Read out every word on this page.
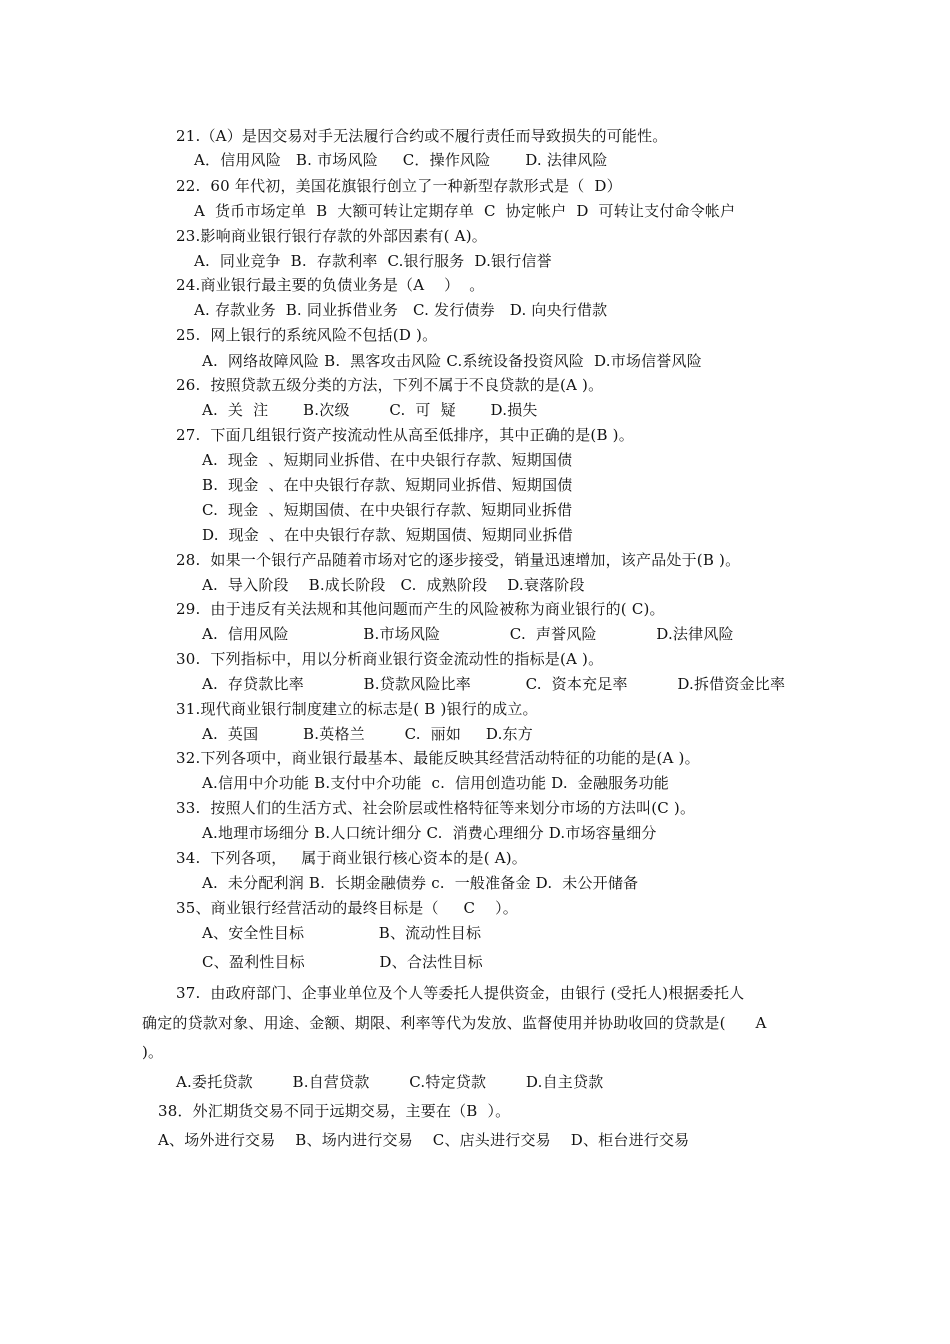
21.（A）是因交易对手无法履行合约或不履行责任而导致损失的可能性。
A．信用风险   B. 市场风险     C．操作风险       D. 法律风险
22.  60 年代初，美国花旗银行创立了一种新型存款形式是（  D）
A  货币市场定单  B  大额可转让定期存单  C  协定帐户  D  可转让支付命令帐户
23.影响商业银行银行存款的外部因素有( A)。
A.  同业竞争  B.  存款利率  C.银行服务  D.银行信誉
24.商业银行最主要的负债业务是（A    ）  。
A. 存款业务  B. 同业拆借业务   C. 发行债券   D. 向央行借款
25.  网上银行的系统风险不包括(D )。
A.  网络故障风险 B.  黑客攻击风险 C.系统设备投资风险  D.市场信誉风险
26.  按照贷款五级分类的方法，下列不属于不良贷款的是(A )。
A.  关  注       B.次级        C.  可  疑       D.损失
27.  下面几组银行资产按流动性从高至低排序，其中正确的是(B )。
A.  现金  、短期同业拆借、在中央银行存款、短期国债
B.  现金  、在中央银行存款、短期同业拆借、短期国债
C.  现金  、短期国债、在中央银行存款、短期同业拆借
D.  现金  、在中央银行存款、短期国债、短期同业拆借
28.  如果一个银行产品随着市场对它的逐步接受，销量迅速增加，该产品处于(B )。
A.  导入阶段    B.成长阶段   C.  成熟阶段    D.衰落阶段
29.  由于违反有关法规和其他问题而产生的风险被称为商业银行的( C)。
A.  信用风险               B.市场风险              C.  声誉风险            D.法律风险
30.  下列指标中，用以分析商业银行资金流动性的指标是(A )。
A.  存贷款比率            B.贷款风险比率           C.  资本充足率          D.拆借资金比率
31.现代商业银行制度建立的标志是( B )银行的成立。
A.  英国         B.英格兰        C.  丽如     D.东方
32.下列各项中，商业银行最基本、最能反映其经营活动特征的功能的是(A )。
A.信用中介功能 B.支付中介功能  c.  信用创造功能 D.  金融服务功能
33.  按照人们的生活方式、社会阶层或性格特征等来划分市场的方法叫(C )。
A.地理市场细分 B.人口统计细分 C.  消费心理细分 D.市场容量细分
34.  下列各项，   属于商业银行核心资本的是( A)。
A.  未分配利润 B.  长期金融债券 c.  一般准备金 D.  未公开储备
35、商业银行经营活动的最终目标是（     C    ）。
A、安全性目标               B、流动性目标
C、盈利性目标               D、合法性目标
37.  由政府部门、企事业单位及个人等委托人提供资金，由银行 (受托人)根据委托人
确定的贷款对象、用途、金额、期限、利率等代为发放、监督使用并协助收回的贷款是(      A
)。
A.委托贷款        B.自营贷款        C.特定贷款        D.自主贷款
38．外汇期货交易不同于远期交易，主要在（B  ）。
A、场外进行交易    B、场内进行交易    C、店头进行交易    D、柜台进行交易
